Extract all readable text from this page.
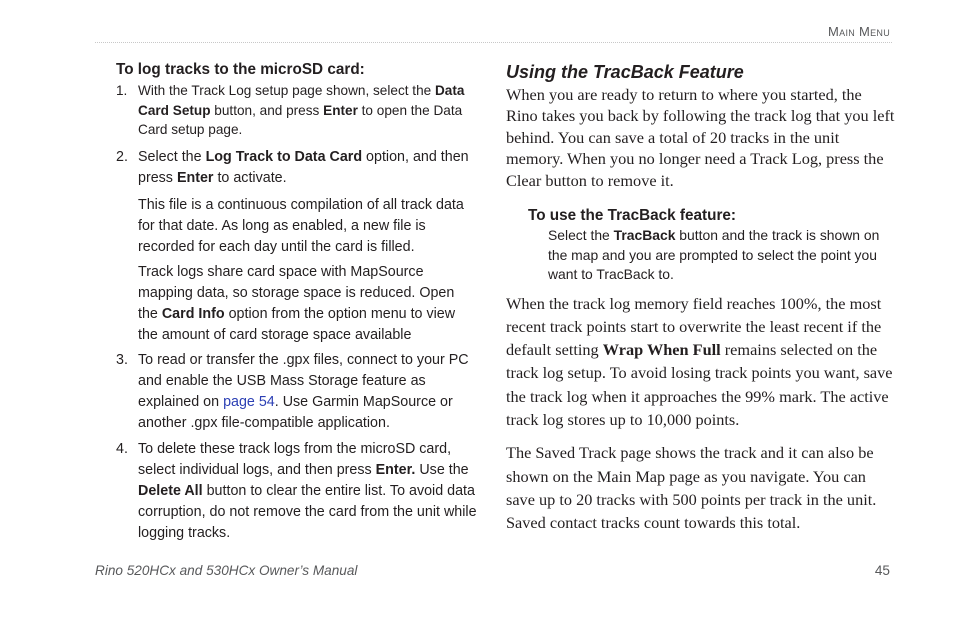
Main Menu
To log tracks to the microSD card:
1. With the Track Log setup page shown, select the Data Card Setup button, and press Enter to open the Data Card setup page.

2. Select the Log Track to Data Card option, and then press Enter to activate.

This file is a continuous compilation of all track data for that date. As long as enabled, a new file is recorded for each day until the card is filled.

Track logs share card space with MapSource mapping data, so storage space is reduced. Open the Card Info option from the option menu to view the amount of card storage space available

3. To read or transfer the .gpx files, connect to your PC and enable the USB Mass Storage feature as explained on page 54. Use Garmin MapSource or another .gpx file-compatible application.

4. To delete these track logs from the microSD card, select individual logs, and then press Enter. Use the Delete All button to clear the entire list. To avoid data corruption, do not remove the card from the unit while logging tracks.

Using the TracBack Feature

When you are ready to return to where you started, the Rino takes you back by following the track log that you left behind. You can save a total of 20 tracks in the unit memory. When you no longer need a Track Log, press the Clear button to remove it.

To use the TracBack feature:

Select the TracBack button and the track is shown on the map and you are prompted to select the point you want to TracBack to.

When the track log memory field reaches 100%, the most recent track points start to overwrite the least recent if the default setting Wrap When Full remains selected on the track log setup. To avoid losing track points you want, save the track log when it approaches the 99% mark. The active track log stores up to 10,000 points.

The Saved Track page shows the track and it can also be shown on the Main Map page as you navigate. You can save up to 20 tracks with 500 points per track in the unit. Saved contact tracks count towards this total.

Rino 520HCx and 530HCx Owner’s Manual	45
